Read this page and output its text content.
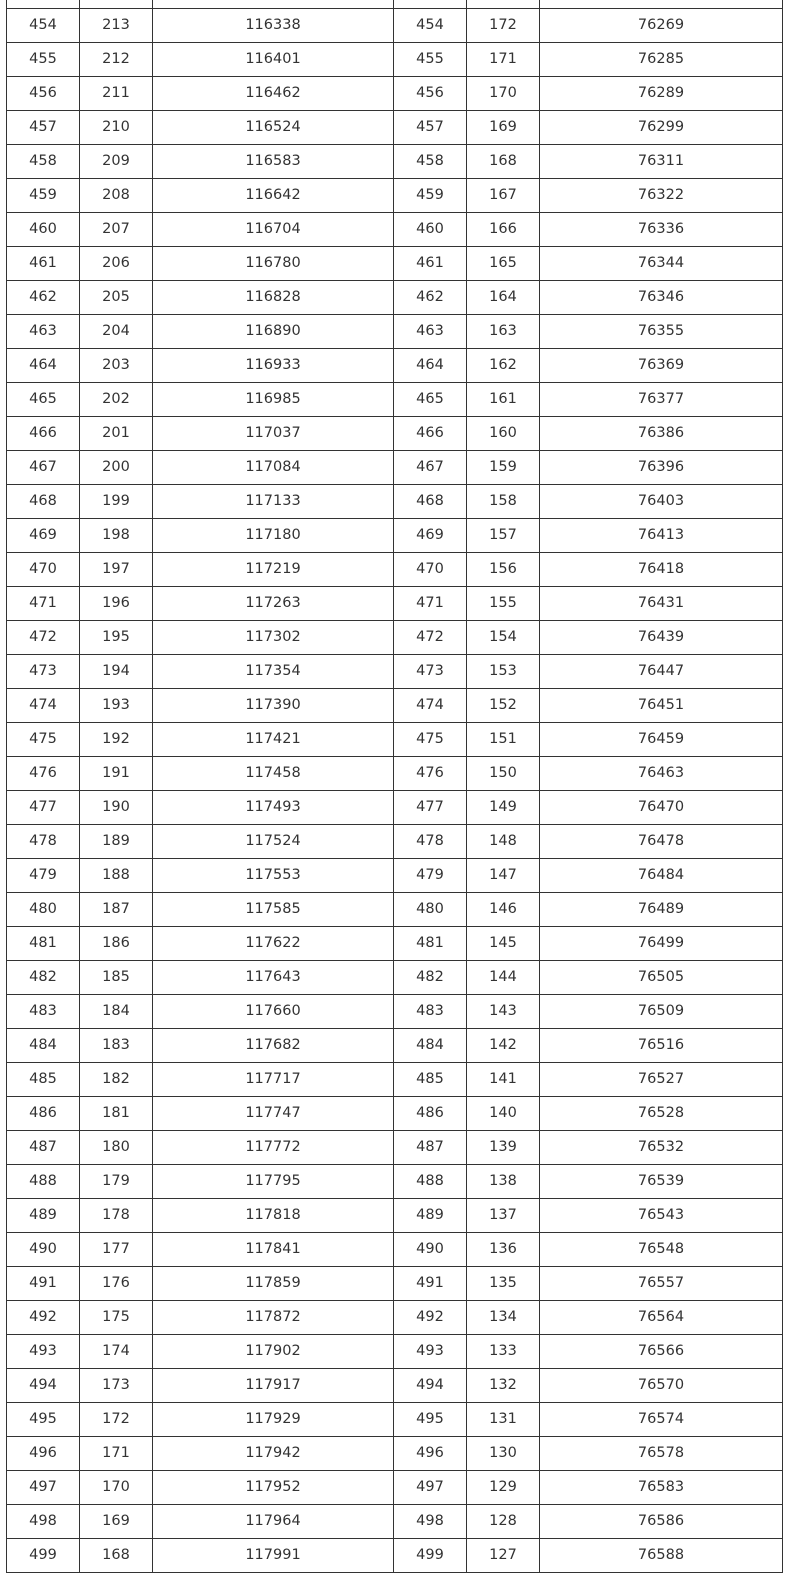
454	213	116338	454	172	76269
455	212	116401	455	171	76285
456	211	116462	456	170	76289
457	210	116524	457	169	76299
458	209	116583	458	168	76311
459	208	116642	459	167	76322
460	207	116704	460	166	76336
461	206	116780	461	165	76344
462	205	116828	462	164	76346
463	204	116890	463	163	76355
464	203	116933	464	162	76369
465	202	116985	465	161	76377
466	201	117037	466	160	76386
467	200	117084	467	159	76396
468	199	117133	468	158	76403
469	198	117180	469	157	76413
470	197	117219	470	156	76418
471	196	117263	471	155	76431
472	195	117302	472	154	76439
473	194	117354	473	153	76447
474	193	117390	474	152	76451
475	192	117421	475	151	76459
476	191	117458	476	150	76463
477	190	117493	477	149	76470
478	189	117524	478	148	76478
479	188	117553	479	147	76484
480	187	117585	480	146	76489
481	186	117622	481	145	76499
482	185	117643	482	144	76505
483	184	117660	483	143	76509
484	183	117682	484	142	76516
485	182	117717	485	141	76527
486	181	117747	486	140	76528
487	180	117772	487	139	76532
488	179	117795	488	138	76539
489	178	117818	489	137	76543
490	177	117841	490	136	76548
491	176	117859	491	135	76557
492	175	117872	492	134	76564
493	174	117902	493	133	76566
494	173	117917	494	132	76570
495	172	117929	495	131	76574
496	171	117942	496	130	76578
497	170	117952	497	129	76583
498	169	117964	498	128	76586
499	168	117991	499	127	76588
